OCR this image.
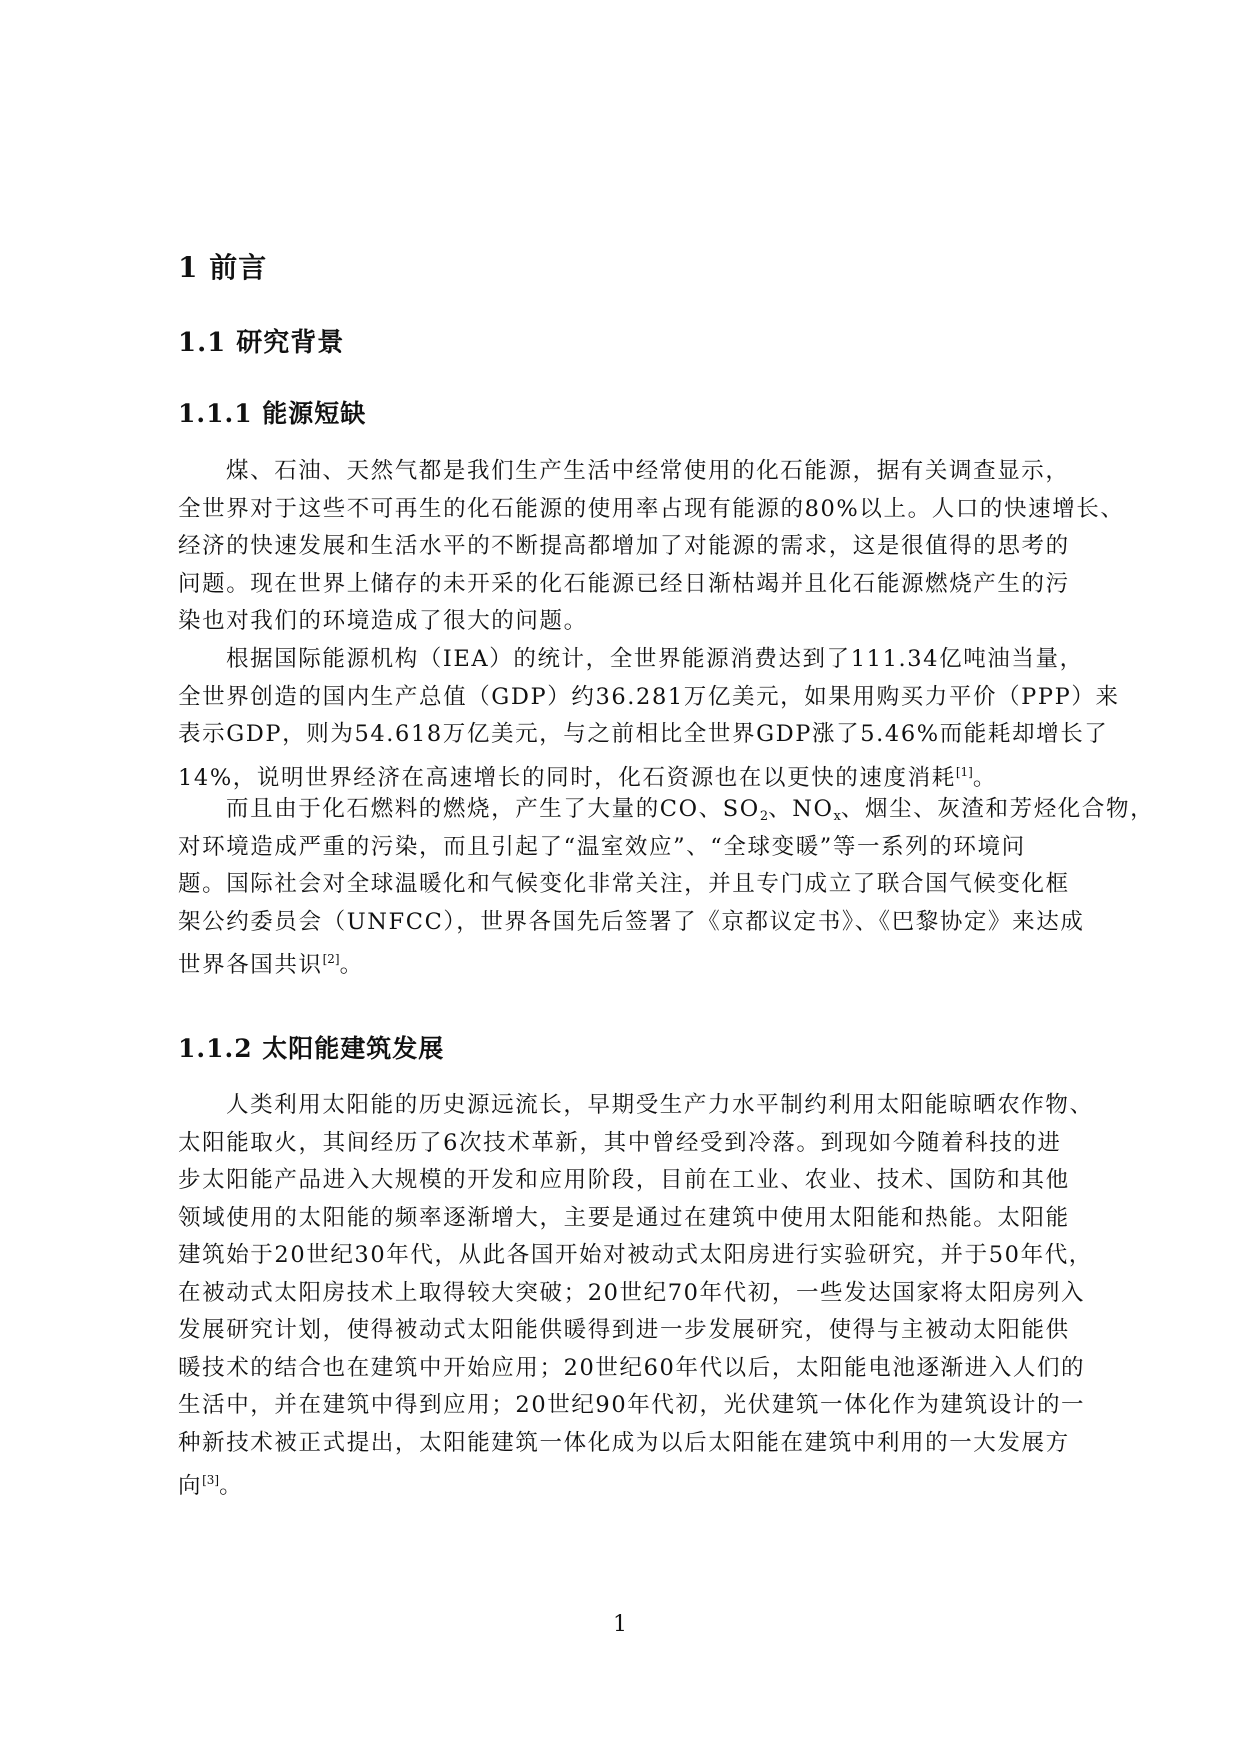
1 前言
1.1 研究背景
1.1.1 能源短缺
煤、石油、天然气都是我们生产生活中经常使用的化石能源，据有关调查显示，
全世界对于这些不可再生的化石能源的使用率占现有能源的80%以上。人口的快速增长、
经济的快速发展和生活水平的不断提高都增加了对能源的需求，这是很值得的思考的
问题。现在世界上储存的未开采的化石能源已经日渐枯竭并且化石能源燃烧产生的污
染也对我们的环境造成了很大的问题。
根据国际能源机构（IEA）的统计，全世界能源消费达到了111.34亿吨油当量，
全世界创造的国内生产总值（GDP）约36.281万亿美元，如果用购买力平价（PPP）来
表示GDP，则为54.618万亿美元，与之前相比全世界GDP涨了5.46%而能耗却增长了
14%，说明世界经济在高速增长的同时，化石资源也在以更快的速度消耗[1]。
而且由于化石燃料的燃烧，产生了大量的CO、$SO_2$、$NO_x$、烟尘、灰渣和芳烃化合物，
对环境造成严重的污染，而且引起了“温室效应”、“全球变暖”等一系列的环境问
题。国际社会对全球温暖化和气候变化非常关注，并且专门成立了联合国气候变化框
架公约委员会（UNFCC），世界各国先后签署了《京都议定书》、《巴黎协定》来达成
世界各国共识[2]。
1.1.2 太阳能建筑发展
人类利用太阳能的历史源远流长，早期受生产力水平制约利用太阳能晾晒农作物、
太阳能取火，其间经历了6次技术革新，其中曾经受到冷落。到现如今随着科技的进
步太阳能产品进入大规模的开发和应用阶段，目前在工业、农业、技术、国防和其他
领域使用的太阳能的频率逐渐增大，主要是通过在建筑中使用太阳能和热能。太阳能
建筑始于20世纪30年代，从此各国开始对被动式太阳房进行实验研究，并于50年代，
在被动式太阳房技术上取得较大突破；20世纪70年代初，一些发达国家将太阳房列入
发展研究计划，使得被动式太阳能供暖得到进一步发展研究，使得与主被动太阳能供
暖技术的结合也在建筑中开始应用；20世纪60年代以后，太阳能电池逐渐进入人们的
生活中，并在建筑中得到应用；20世纪90年代初，光伏建筑一体化作为建筑设计的一
种新技术被正式提出，太阳能建筑一体化成为以后太阳能在建筑中利用的一大发展方
向[3]。
1
